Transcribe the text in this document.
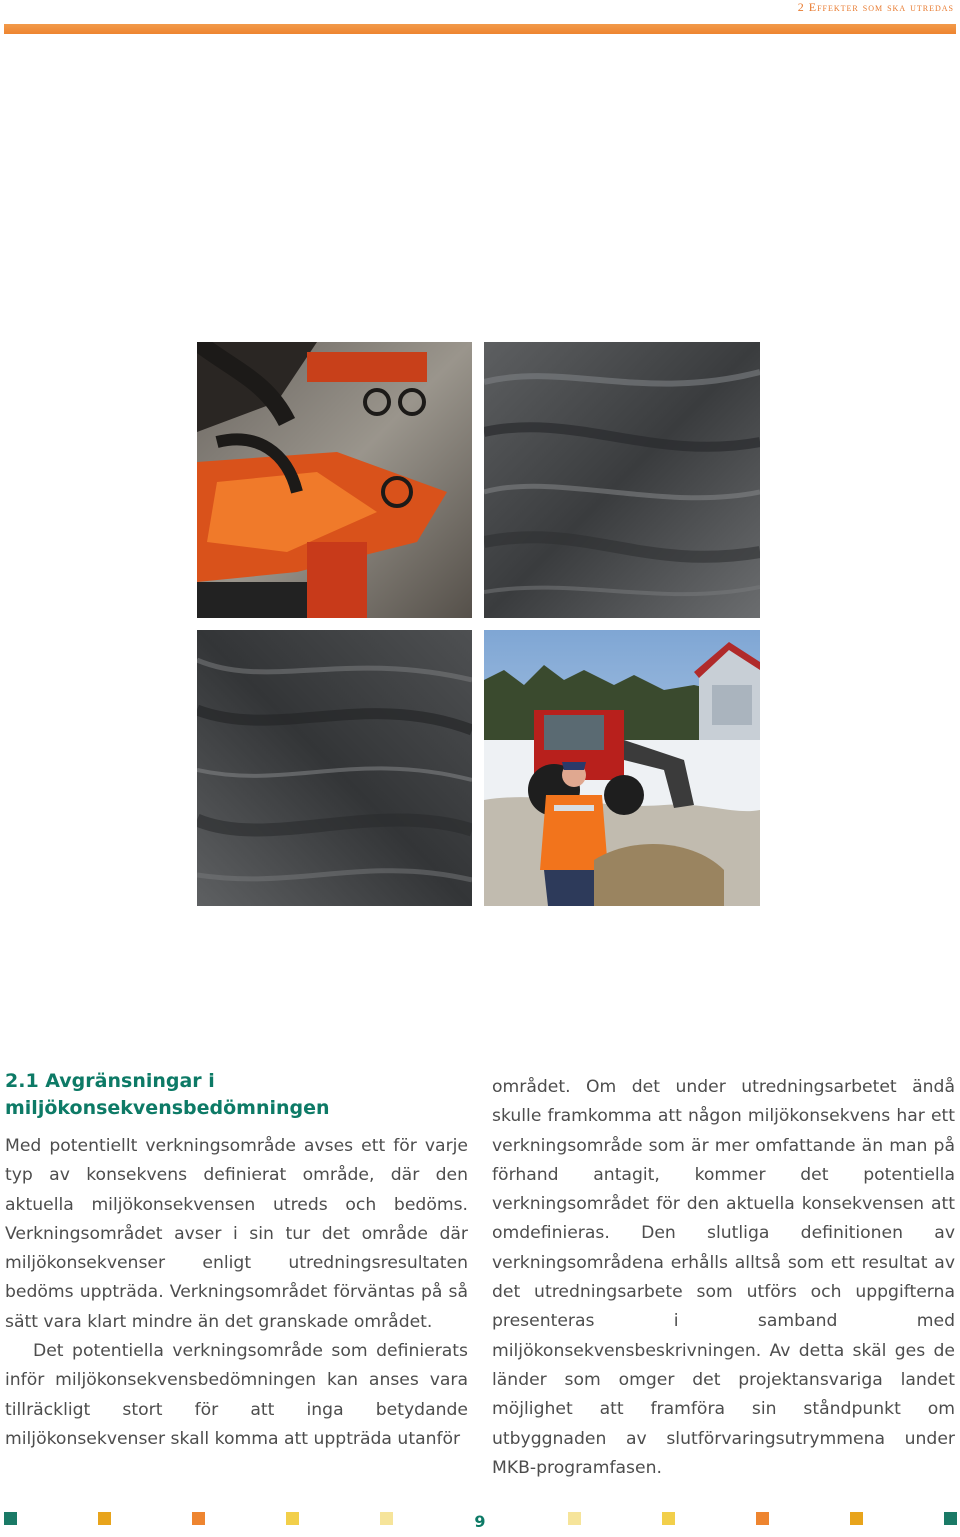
2 Effekter som ska utredas
2.1 Avgränsningar i miljökonsekvensbedömningen

Med potentiellt verkningsområde avses ett för varje typ av konsekvens definierat område, där den aktuella miljökonsekvensen utreds och bedöms. Verkningsområdet avser i sin tur det område där miljökonsekvenser enligt utredningsresultaten bedöms uppträda. Verkningsområdet förväntas på så sätt vara klart mindre än det granskade området.

Det potentiella verkningsområde som definierats inför miljökonsekvensbedömningen kan anses vara tillräckligt stort för att inga betydande miljökonsekvenser skall komma att uppträda utanför

området. Om det under utredningsarbetet ändå skulle framkomma att någon miljökonsekvens har ett verkningsområde som är mer omfattande än man på förhand antagit, kommer det potentiella verkningsområdet för den aktuella konsekvensen att omdefinieras. Den slutliga definitionen av verkningsområdena erhålls alltså som ett resultat av det utredningsarbete som utförs och uppgifterna presenteras i samband med miljökonsekvensbeskrivningen. Av detta skäl ges de länder som omger det projektansvariga landet möjlighet att framföra sin ståndpunkt om utbyggnaden av slutförvaringsutrymmena under MKB-programfasen.

9
